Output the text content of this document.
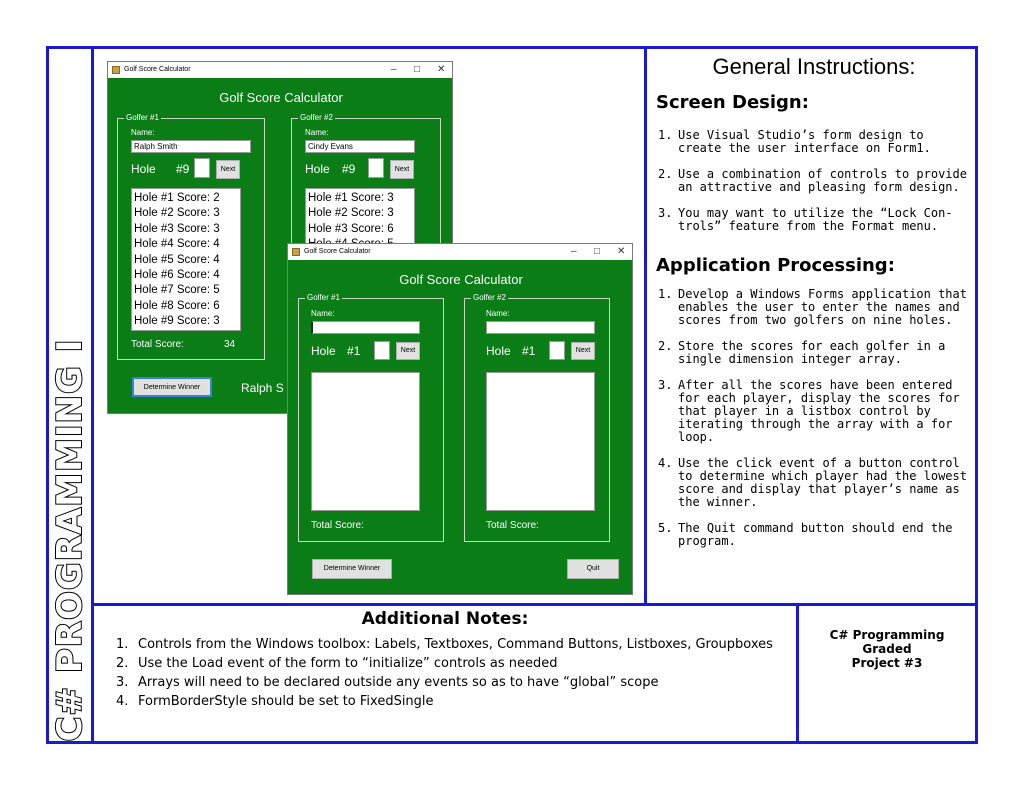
C# PROGRAMMING I
Golf Score Calculator	– □ ✕
Golf Score Calculator
Golfer #1
Name:
Ralph Smith
Hole #9	Next
Hole #1 Score: 2
Hole #2 Score: 3
Hole #3 Score: 3
Hole #4 Score: 4
Hole #5 Score: 4
Hole #6 Score: 4
Hole #7 Score: 5
Hole #8 Score: 6
Hole #9 Score: 3
Total Score:	34
Golfer #2
Name:
Cindy Evans
Hole #9	Next
Hole #1 Score: 3
Hole #2 Score: 3
Hole #3 Score: 6
Determine Winner	Ralph S
Golf Score Calculator	– □ ✕
Golf Score Calculator
Golfer #1
Name:
Hole #1	Next
Total Score:
Golfer #2
Name:
Hole #1	Next
Total Score:
Determine Winner	Quit
General Instructions:
Screen Design:
1. Use Visual Studio’s form design to create the user interface on Form1.
2. Use a combination of controls to provide an attractive and pleasing form design.
3. You may want to utilize the “Lock Con-trols” feature from the Format menu.
Application Processing:
1. Develop a Windows Forms application that enables the user to enter the names and scores from two golfers on nine holes.
2. Store the scores for each golfer in a single dimension integer array.
3. After all the scores have been entered for each player, display the scores for that player in a listbox control by iterating through the array with a for loop.
4. Use the click event of a button control to determine which player had the lowest score and display that player’s name as the winner.
5. The Quit command button should end the program.
Additional Notes:
1. Controls from the Windows toolbox: Labels, Textboxes, Command Buttons, Listboxes, Groupboxes
2. Use the Load event of the form to “initialize” controls as needed
3. Arrays will need to be declared outside any events so as to have “global” scope
4. FormBorderStyle should be set to FixedSingle
C# Programming
Graded
Project #3
